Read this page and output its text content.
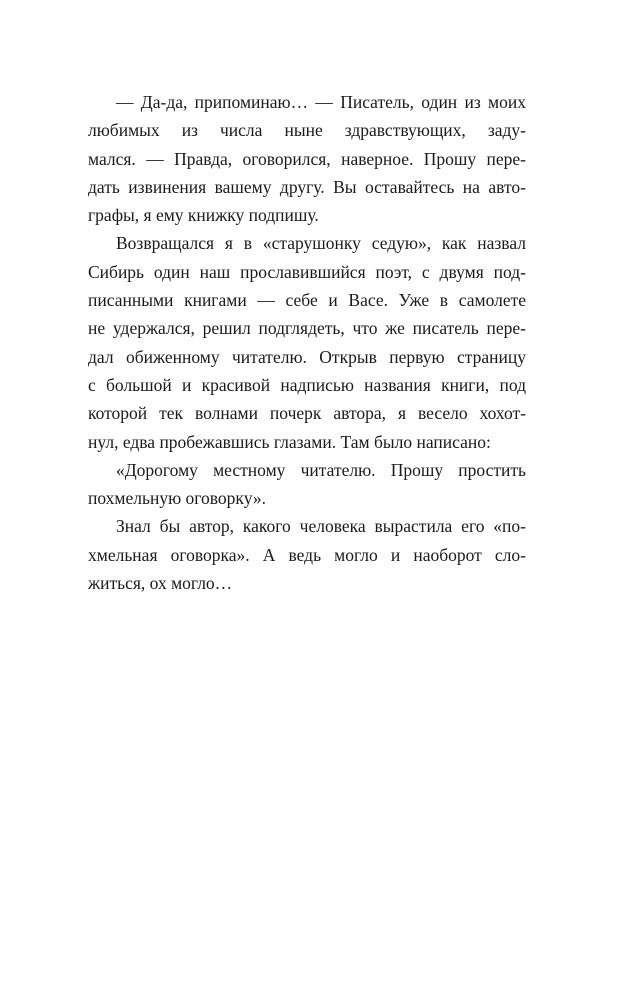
— Да-да, припоминаю… — Писатель, один из моих
любимых из числа ныне здравствующих, заду-
мался. — Правда, оговорился, наверное. Прошу пере-
дать извинения вашему другу. Вы оставайтесь на авто-
графы, я ему книжку подпишу.
Возвращался я в «старушонку седую», как назвал
Сибирь один наш прославившийся поэт, с двумя под-
писанными книгами — себе и Васе. Уже в самолете
не удержался, решил подглядеть, что же писатель пере-
дал обиженному читателю. Открыв первую страницу
с большой и красивой надписью названия книги, под
которой тек волнами почерк автора, я весело хохот-
нул, едва пробежавшись глазами. Там было написано:
«Дорогому местному читателю. Прошу простить
похмельную оговорку».
Знал бы автор, какого человека вырастила его «по-
хмельная оговорка». А ведь могло и наоборот сло-
житься, ох могло…
